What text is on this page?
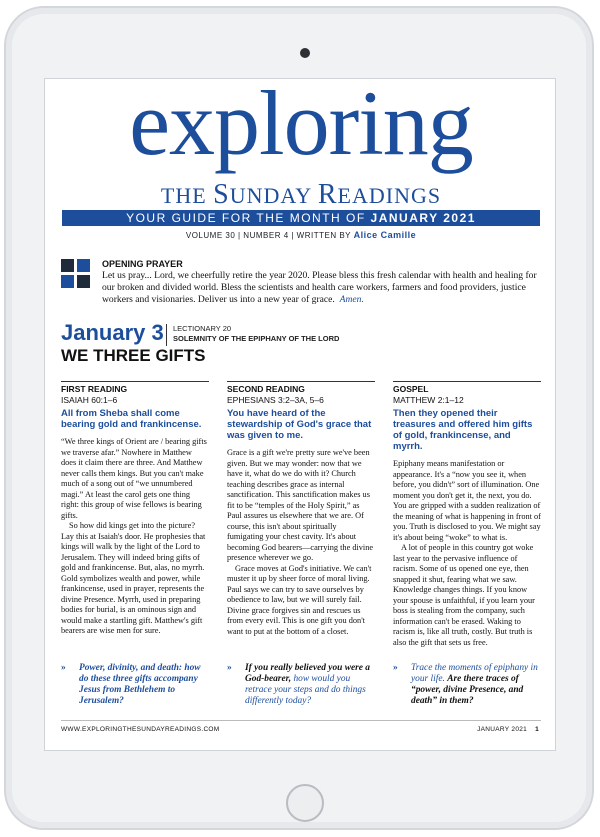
exploring
THE SUNDAY READINGS
YOUR GUIDE FOR THE MONTH OF JANUARY 2021
VOLUME 30 | NUMBER 4 | WRITTEN BY Alice Camille
OPENING PRAYER

Let us pray... Lord, we cheerfully retire the year 2020. Please bless this fresh calendar with health and healing for our broken and divided world. Bless the scientists and health care workers, farmers and food providers, justice workers and visionaries. Deliver us into a new year of grace. Amen.

January 3 LECTIONARY 20
SOLEMNITY OF THE EPIPHANY OF THE LORD
WE THREE GIFTS
FIRST READING
ISAIAH 60:1–6
All from Sheba shall come bearing gold and frankincense.

“We three kings of Orient are / bearing gifts we traverse afar.” Nowhere in Matthew does it claim there are three. And Matthew never calls them kings. But you can't make much of a song out of “we unnumbered magi.” At least the carol gets one thing right: this group of wise fellows is bearing gifts.

So how did kings get into the picture? Lay this at Isaiah's door. He prophesies that kings will walk by the light of the Lord to Jerusalem. They will indeed bring gifts of gold and frankincense. But, alas, no myrrh. Gold symbolizes wealth and power, while frankincense, used in prayer, represents the divine Presence. Myrrh, used in preparing bodies for burial, is an ominous sign and would make a startling gift. Matthew's gift bearers are wise men for sure.

» Power, divinity, and death: how do these three gifts accompany Jesus from Bethlehem to Jerusalem?
SECOND READING
EPHESIANS 3:2–3A, 5–6
You have heard of the stewardship of God's grace that was given to me.

Grace is a gift we're pretty sure we've been given. But we may wonder: now that we have it, what do we do with it? Church teaching describes grace as internal sanctification. This sanctification makes us fit to be “temples of the Holy Spirit,” as Paul assures us elsewhere that we are. Of course, this isn't about spiritually fumigating your chest cavity. It's about becoming God bearers—carrying the divine presence wherever we go.

Grace moves at God's initiative. We can't muster it up by sheer force of moral living. Paul says we can try to save ourselves by obedience to law, but we will surely fail. Divine grace forgives sin and rescues us from every evil. This is one gift you don't want to put at the bottom of a closet.

» If you really believed you were a God-bearer, how would you retrace your steps and do things differently today?
GOSPEL
MATTHEW 2:1–12
Then they opened their treasures and offered him gifts of gold, frankincense, and myrrh.

Epiphany means manifestation or appearance. It's a “now you see it, when before, you didn't” sort of illumination. One moment you don't get it, the next, you do. You are gripped with a sudden realization of the meaning of what is happening in front of you. Truth is disclosed to you. We might say it's about being “woke” to what is.

A lot of people in this country got woke last year to the pervasive influence of racism. Some of us opened one eye, then snapped it shut, fearing what we saw. Knowledge changes things. If you know your spouse is unfaithful, if you learn your boss is stealing from the company, such information can't be erased. Waking to racism is, like all truth, costly. But truth is also the gift that sets us free.

» Trace the moments of epiphany in your life. Are there traces of “power, divine Presence, and death” in them?
WWW.EXPLORINGTHESUNDAYREADINGS.COM	JANUARY 2021 1
